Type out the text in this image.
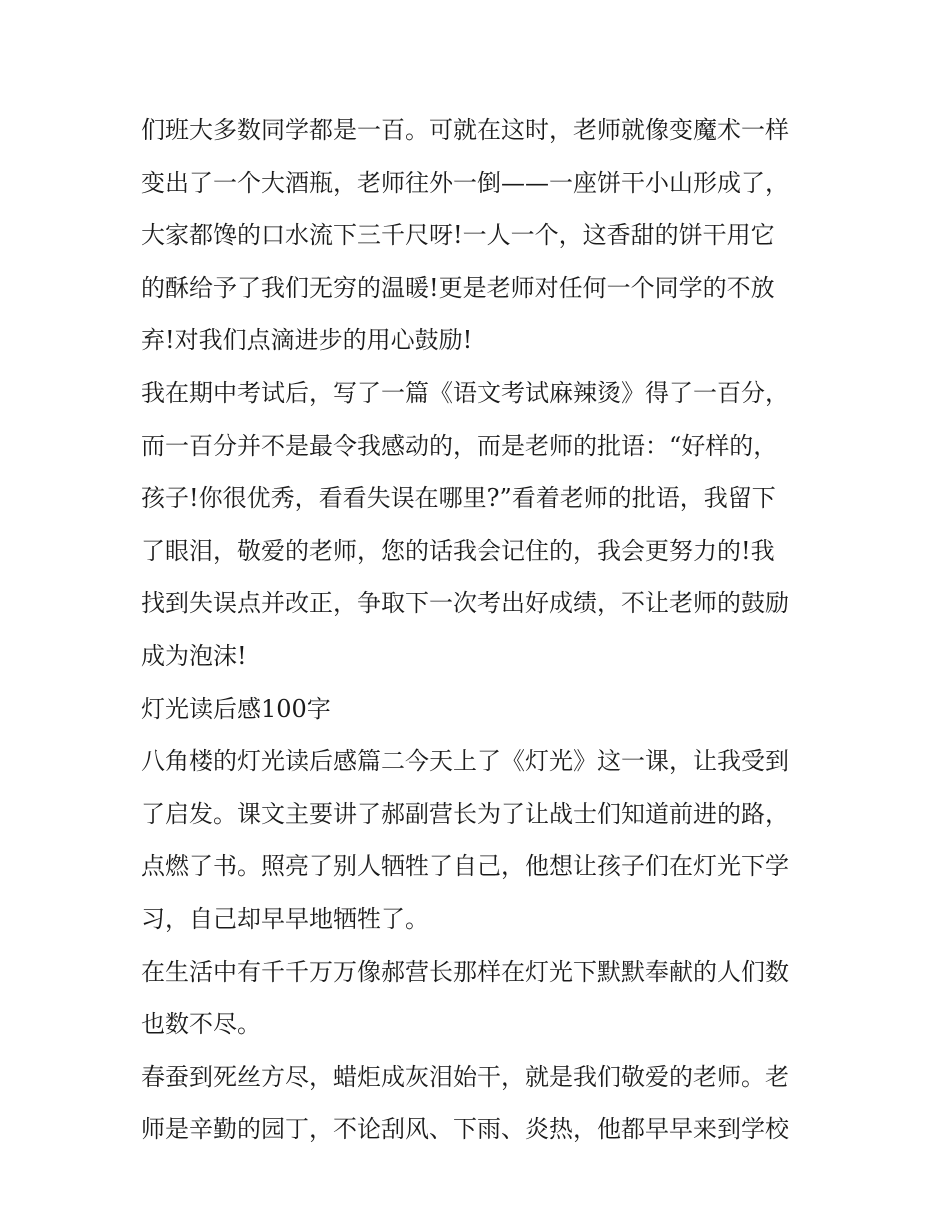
们班大多数同学都是一百。可就在这时，老师就像变魔术一样
变出了一个大酒瓶，老师往外一倒——一座饼干小山形成了，
大家都馋的口水流下三千尺呀!一人一个，这香甜的饼干用它
的酥给予了我们无穷的温暖!更是老师对任何一个同学的不放
弃!对我们点滴进步的用心鼓励!
我在期中考试后，写了一篇《语文考试麻辣烫》得了一百分，
而一百分并不是最令我感动的，而是老师的批语：“好样的，
孩子!你很优秀，看看失误在哪里?”看着老师的批语，我留下
了眼泪，敬爱的老师，您的话我会记住的，我会更努力的!我
找到失误点并改正，争取下一次考出好成绩，不让老师的鼓励
成为泡沫!
灯光读后感100字
八角楼的灯光读后感篇二今天上了《灯光》这一课，让我受到
了启发。课文主要讲了郝副营长为了让战士们知道前进的路，
点燃了书。照亮了别人牺牲了自己，他想让孩子们在灯光下学
习，自己却早早地牺牲了。
在生活中有千千万万像郝营长那样在灯光下默默奉献的人们数
也数不尽。
春蚕到死丝方尽，蜡炬成灰泪始干，就是我们敬爱的老师。老
师是辛勤的园丁，不论刮风、下雨、炎热，他都早早来到学校
